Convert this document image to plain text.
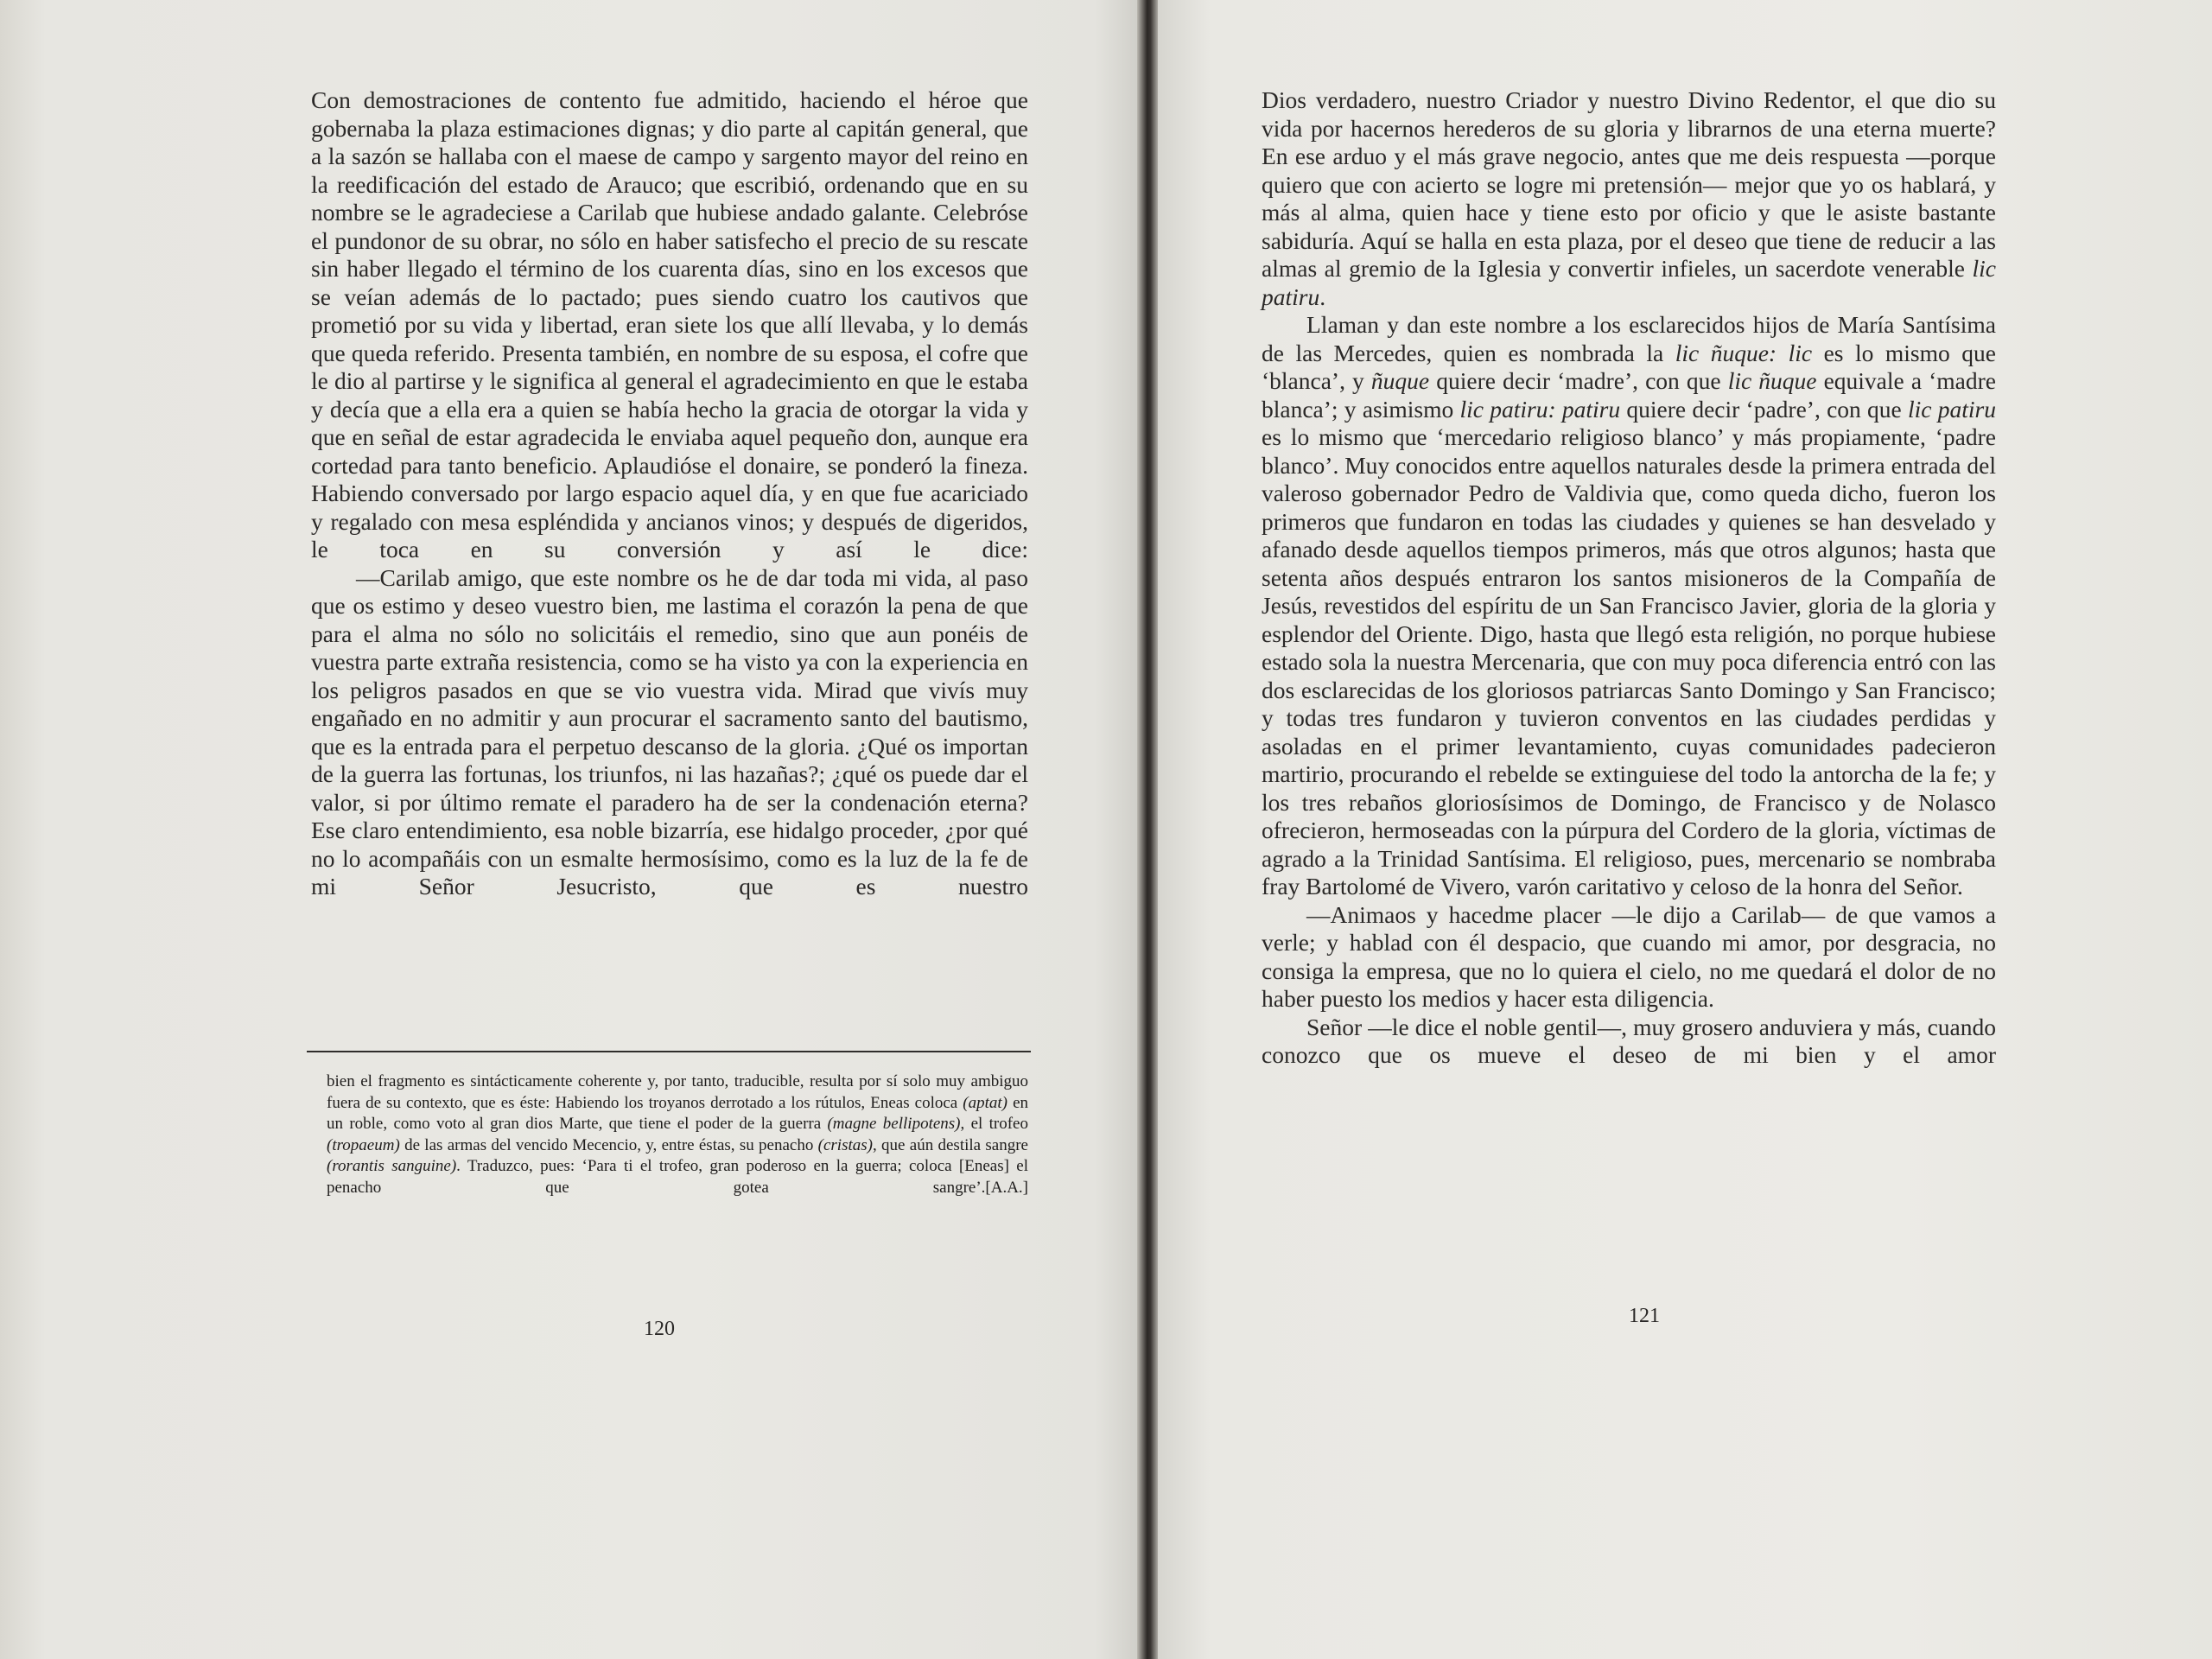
Con demostraciones de contento fue admitido, haciendo el héroe que gobernaba la plaza estimaciones dignas; y dio parte al capitán general, que a la sazón se hallaba con el maese de campo y sargento mayor del reino en la reedificación del estado de Arauco; que escribió, ordenando que en su nombre se le agradeciese a Carilab que hubiese andado galante. Celebróse el pundonor de su obrar, no sólo en haber satisfecho el precio de su rescate sin haber llegado el término de los cuarenta días, sino en los excesos que se veían además de lo pactado; pues siendo cuatro los cautivos que prometió por su vida y libertad, eran siete los que allí llevaba, y lo demás que queda referido. Presenta también, en nombre de su esposa, el cofre que le dio al partirse y le significa al general el agradecimiento en que le estaba y decía que a ella era a quien se había hecho la gracia de otorgar la vida y que en señal de estar agradecida le enviaba aquel pequeño don, aunque era cortedad para tanto beneficio. Aplaudióse el donaire, se ponderó la fineza. Habiendo conversado por largo espacio aquel día, y en que fue acariciado y regalado con mesa espléndida y ancianos vinos; y después de digeridos, le toca en su conversión y así le dice:

—Carilab amigo, que este nombre os he de dar toda mi vida, al paso que os estimo y deseo vuestro bien, me lastima el corazón la pena de que para el alma no sólo no solicitáis el remedio, sino que aun ponéis de vuestra parte extraña resistencia, como se ha visto ya con la experiencia en los peligros pasados en que se vio vuestra vida. Mirad que vivís muy engañado en no admitir y aun procurar el sacramento santo del bautismo, que es la entrada para el perpetuo descanso de la gloria. ¿Qué os importan de la guerra las fortunas, los triunfos, ni las hazañas?; ¿qué os puede dar el valor, si por último remate el paradero ha de ser la condenación eterna? Ese claro entendimiento, esa noble bizarría, ese hidalgo proceder, ¿por qué no lo acompañáis con un esmalte hermosísimo, como es la luz de la fe de mi Señor Jesucristo, que es nuestro

bien el fragmento es sintácticamente coherente y, por tanto, traducible, resulta por sí solo muy ambiguo fuera de su contexto, que es éste: Habiendo los troyanos derrotado a los rútulos, Eneas coloca (aptat) en un roble, como voto al gran dios Marte, que tiene el poder de la guerra (magne bellipotens), el trofeo (tropaeum) de las armas del vencido Mecencio, y, entre éstas, su penacho (cristas), que aún destila sangre (rorantis sanguine). Traduzco, pues: ‘Para ti el trofeo, gran poderoso en la guerra; coloca [Eneas] el penacho que gotea sangre’.[A.A.]

120

Dios verdadero, nuestro Criador y nuestro Divino Redentor, el que dio su vida por hacernos herederos de su gloria y librarnos de una eterna muerte? En ese arduo y el más grave negocio, antes que me deis respuesta —porque quiero que con acierto se logre mi pretensión— mejor que yo os hablará, y más al alma, quien hace y tiene esto por oficio y que le asiste bastante sabiduría. Aquí se halla en esta plaza, por el deseo que tiene de reducir a las almas al gremio de la Iglesia y convertir infieles, un sacerdote venerable lic patiru.

Llaman y dan este nombre a los esclarecidos hijos de María Santísima de las Mercedes, quien es nombrada la lic ñuque: lic es lo mismo que ‘blanca’, y ñuque quiere decir ‘madre’, con que lic ñuque equivale a ‘madre blanca’; y asimismo lic patiru: patiru quiere decir ‘padre’, con que lic patiru es lo mismo que ‘mercedario religioso blanco’ y más propiamente, ‘padre blanco’. Muy conocidos entre aquellos naturales desde la primera entrada del valeroso gobernador Pedro de Valdivia que, como queda dicho, fueron los primeros que fundaron en todas las ciudades y quienes se han desvelado y afanado desde aquellos tiempos primeros, más que otros algunos; hasta que setenta años después entraron los santos misioneros de la Compañía de Jesús, revestidos del espíritu de un San Francisco Javier, gloria de la gloria y esplendor del Oriente. Digo, hasta que llegó esta religión, no porque hubiese estado sola la nuestra Mercenaria, que con muy poca diferencia entró con las dos esclarecidas de los gloriosos patriarcas Santo Domingo y San Francisco; y todas tres fundaron y tuvieron conventos en las ciudades perdidas y asoladas en el primer levantamiento, cuyas comunidades padecieron martirio, procurando el rebelde se extinguiese del todo la antorcha de la fe; y los tres rebaños gloriosísimos de Domingo, de Francisco y de Nolasco ofrecieron, hermoseadas con la púrpura del Cordero de la gloria, víctimas de agrado a la Trinidad Santísima. El religioso, pues, mercenario se nombraba fray Bartolomé de Vivero, varón caritativo y celoso de la honra del Señor.

—Animaos y hacedme placer —le dijo a Carilab— de que vamos a verle; y hablad con él despacio, que cuando mi amor, por desgracia, no consiga la empresa, que no lo quiera el cielo, no me quedará el dolor de no haber puesto los medios y hacer esta diligencia.

Señor —le dice el noble gentil—, muy grosero anduviera y más, cuando conozco que os mueve el deseo de mi bien y el amor

121
